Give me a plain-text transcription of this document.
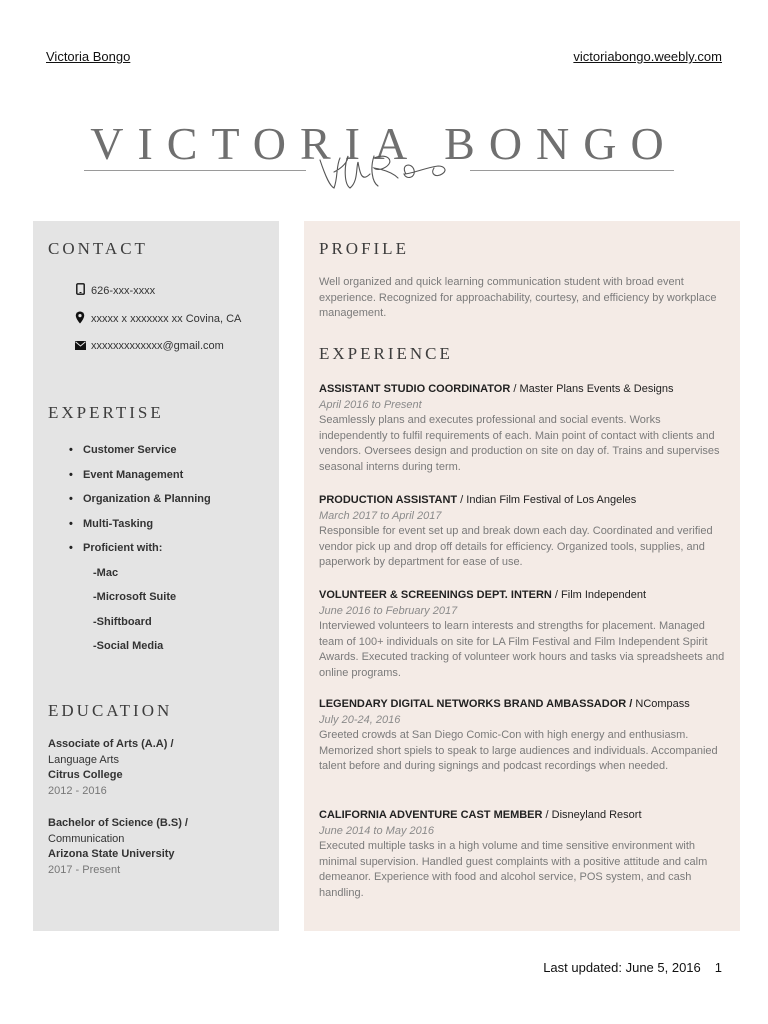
Victoria Bongo	victoriabongo.weebly.com
VICTORIA BONGO
CONTACT
626-xxx-xxxx
xxxxx x xxxxxxx xx Covina, CA
xxxxxxxxxxxxx@gmail.com
EXPERTISE
• Customer Service
• Event Management
• Organization & Planning
• Multi-Tasking
• Proficient with:
-Mac
-Microsoft Suite
-Shiftboard
-Social Media
EDUCATION
Associate of Arts (A.A) /
Language Arts
Citrus College
2012 - 2016
Bachelor of Science (B.S) /
Communication
Arizona State University
2017 - Present
PROFILE

Well organized and quick learning communication student with broad event experience. Recognized for approachability, courtesy, and efficiency by workplace management.

EXPERIENCE
ASSISTANT STUDIO COORDINATOR / Master Plans Events & Designs
April 2016 to Present
Seamlessly plans and executes professional and social events. Works independently to fulfil requirements of each. Main point of contact with clients and vendors. Oversees design and production on site on day of. Trains and supervises seasonal interns during term.
PRODUCTION ASSISTANT / Indian Film Festival of Los Angeles
March 2017 to April 2017
Responsible for event set up and break down each day. Coordinated and verified vendor pick up and drop off details for efficiency. Organized tools, supplies, and paperwork by department for ease of use.
VOLUNTEER & SCREENINGS DEPT. INTERN / Film Independent
June 2016 to February 2017
Interviewed volunteers to learn interests and strengths for placement. Managed team of 100+ individuals on site for LA Film Festival and Film Independent Spirit Awards. Executed tracking of volunteer work hours and tasks via spreadsheets and online programs.
LEGENDARY DIGITAL NETWORKS BRAND AMBASSADOR / NCompass
July 20-24, 2016
Greeted crowds at San Diego Comic-Con with high energy and enthusiasm. Memorized short spiels to speak to large audiences and individuals. Accompanied talent before and during signings and podcast recordings when needed.
CALIFORNIA ADVENTURE CAST MEMBER / Disneyland Resort
June 2014 to May 2016
Executed multiple tasks in a high volume and time sensitive environment with minimal supervision. Handled guest complaints with a positive attitude and calm demeanor. Experience with food and alcohol service, POS system, and cash handling.
Last updated: June 5, 2016 1
